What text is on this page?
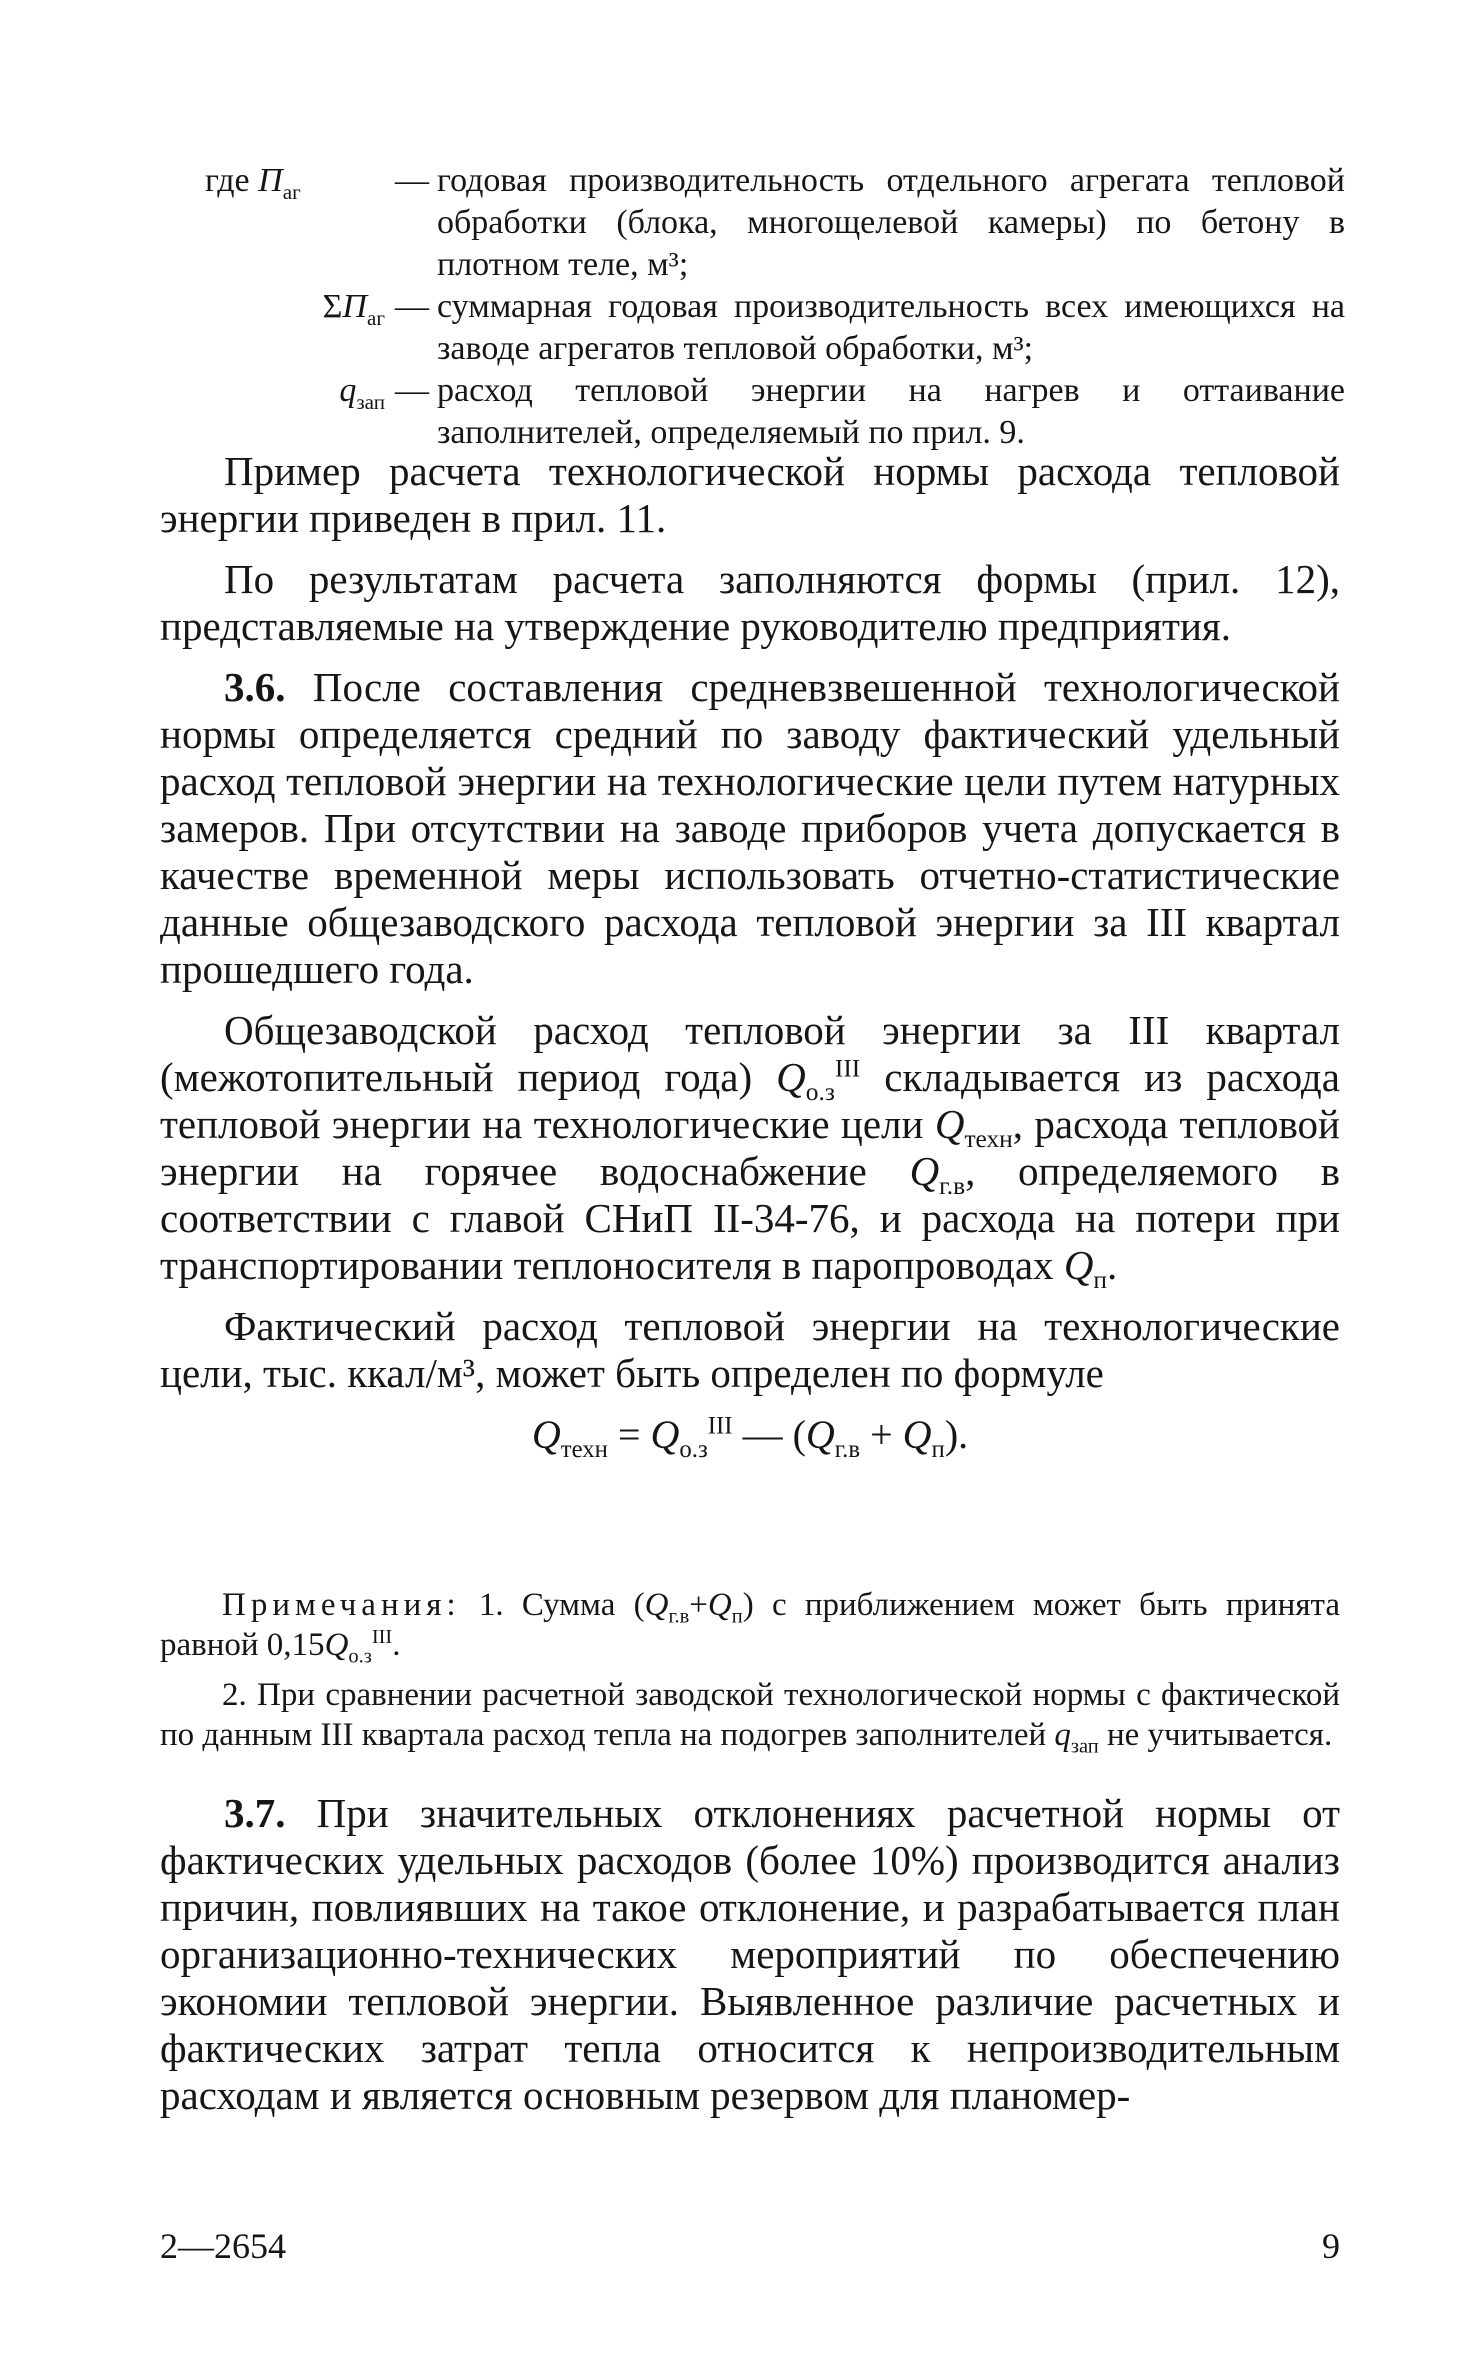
где $П_{аг}$	— годовая производительность отдельного агрегата тепловой обработки (блока, многощелевой камеры) по бетону в плотном теле, м³;
$\Sigma П_{аг}$ — суммарная годовая производительность всех имеющихся на заводе агрегатов тепловой обработки, м³;
$q_{зап}$ — расход тепловой энергии на нагрев и оттаивание заполнителей, определяемый по прил. 9.

Пример расчета технологической нормы расхода тепловой энергии приведен в прил. 11.

По результатам расчета заполняются формы (прил. 12), представляемые на утверждение руководителю предприятия.

3.6. После составления средневзвешенной технологической нормы определяется средний по заводу фактический удельный расход тепловой энергии на технологические цели путем натурных замеров. При отсутствии на заводе приборов учета допускается в качестве временной меры использовать отчетно-статистические данные общезаводского расхода тепловой энергии за III квартал прошедшего года.

Общезаводской расход тепловой энергии за III квартал (межотопительный период года) $Q_{о.з}^{III}$ складывается из расхода тепловой энергии на технологические цели $Q_{техн}$, расхода тепловой энергии на горячее водоснабжение $Q_{г.в}$, определяемого в соответствии с главой СНиП II-34-76, и расхода на потери при транспортировании теплоносителя в паропроводах $Q_п$.

Фактический расход тепловой энергии на технологические цели, тыс. ккал/м³, может быть определен по формуле

$Q_{техн} = Q_{о.з}^{III}$ — $(Q_{г.в} + Q_п)$.

Примечания: 1. Сумма $(Q_{г.в}+Q_п)$ с приближением может быть принята равной $0,15Q_{о.з}^{III}$.

2. При сравнении расчетной заводской технологической нормы с фактической по данным III квартала расход тепла на подогрев заполнителей $q_{зап}$ не учитывается.

3.7. При значительных отклонениях расчетной нормы от фактических удельных расходов (более 10%) производится анализ причин, повлиявших на такое отклонение, и разрабатывается план организационно-технических мероприятий по обеспечению экономии тепловой энергии. Выявленное различие расчетных и фактических затрат тепла относится к непроизводительным расходам и является основным резервом для планомер-

2—2654	9
